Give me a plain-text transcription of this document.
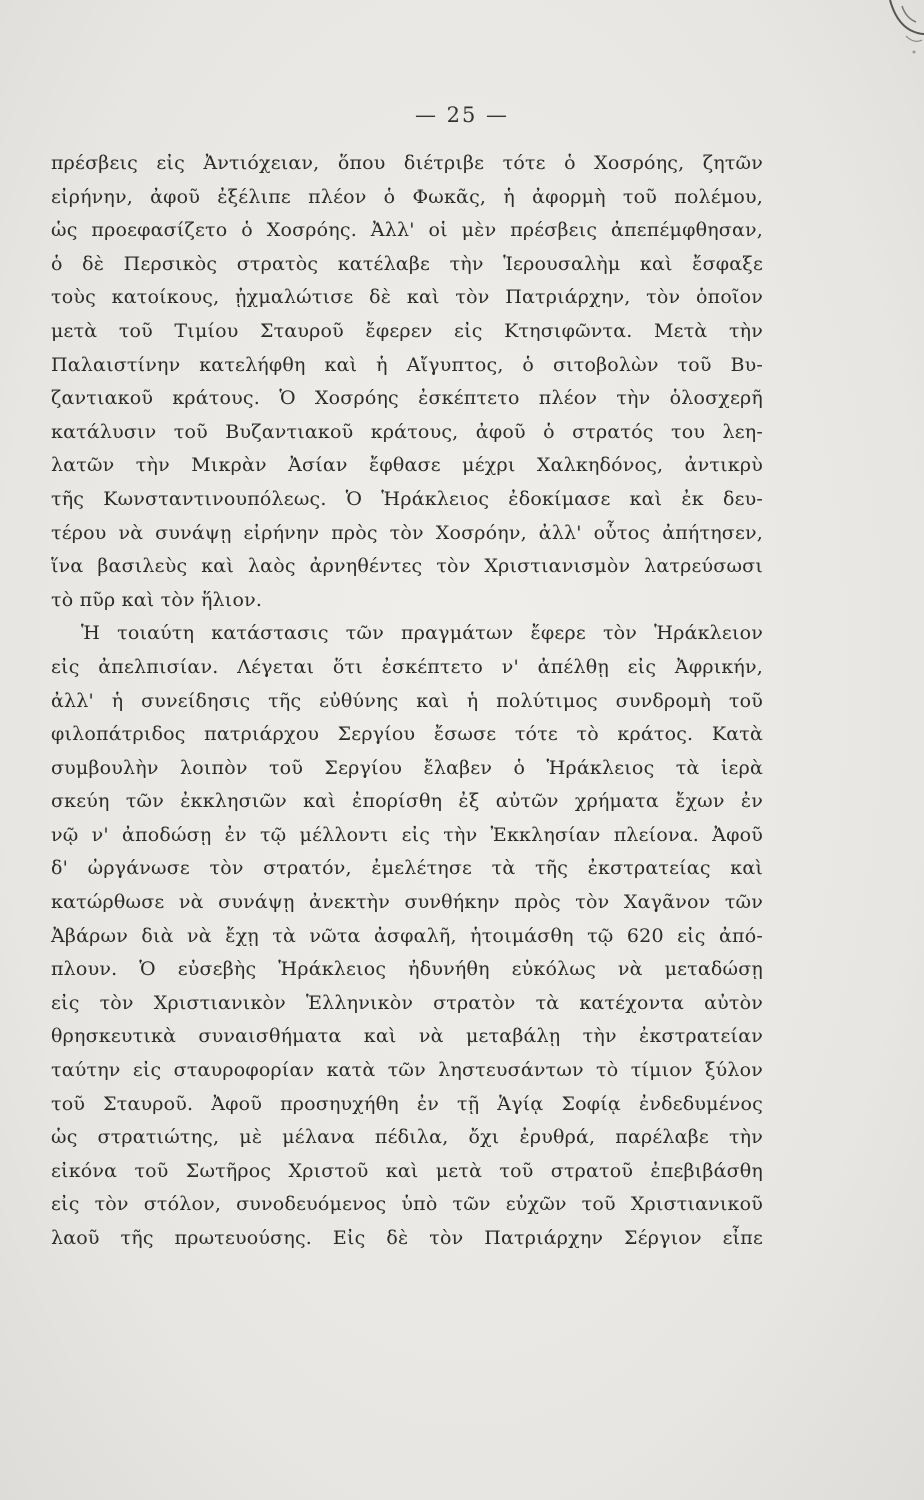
— 25 —
πρέσβεις εἰς Ἀντιόχειαν, ὅπου διέτριβε τότε ὁ Χοσρόης, ζητῶν
εἰρήνην, ἀφοῦ ἐξέλιπε πλέον ὁ Φωκᾶς, ἡ ἀφορμὴ τοῦ πολέμου,
ὡς προεφασίζετο ὁ Χοσρόης. Ἀλλ' οἱ μὲν πρέσβεις ἀπεπέμφθησαν,
ὁ δὲ Περσικὸς στρατὸς κατέλαβε τὴν Ἱερουσαλὴμ καὶ ἔσφαξε
τοὺς κατοίκους, ᾐχμαλώτισε δὲ καὶ τὸν Πατριάρχην, τὸν ὁποῖον
μετὰ τοῦ Τιμίου Σταυροῦ ἔφερεν εἰς Κτησιφῶντα. Μετὰ τὴν
Παλαιστίνην κατελήφθη καὶ ἡ Αἴγυπτος, ὁ σιτοβολὼν τοῦ Βυ-
ζαντιακοῦ κράτους. Ὁ Χοσρόης ἐσκέπτετο πλέον τὴν ὁλοσχερῆ
κατάλυσιν τοῦ Βυζαντιακοῦ κράτους, ἀφοῦ ὁ στρατός του λεη-
λατῶν τὴν Μικρὰν Ἀσίαν ἔφθασε μέχρι Χαλκηδόνος, ἀντικρὺ
τῆς Κωνσταντινουπόλεως. Ὁ Ἡράκλειος ἐδοκίμασε καὶ ἐκ δευ-
τέρου νὰ συνάψῃ εἰρήνην πρὸς τὸν Χοσρόην, ἀλλ' οὗτος ἀπήτησεν,
ἵνα βασιλεὺς καὶ λαὸς ἀρνηθέντες τὸν Χριστιανισμὸν λατρεύσωσι
τὸ πῦρ καὶ τὸν ἥλιον.
Ἡ τοιαύτη κατάστασις τῶν πραγμάτων ἔφερε τὸν Ἡράκλειον
εἰς ἀπελπισίαν. Λέγεται ὅτι ἐσκέπτετο ν' ἀπέλθῃ εἰς Ἀφρικήν,
ἀλλ' ἡ συνείδησις τῆς εὐθύνης καὶ ἡ πολύτιμος συνδρομὴ τοῦ
φιλοπάτριδος πατριάρχου Σεργίου ἔσωσε τότε τὸ κράτος. Κατὰ
συμβουλὴν λοιπὸν τοῦ Σεργίου ἔλαβεν ὁ Ἡράκλειος τὰ ἱερὰ
σκεύη τῶν ἐκκλησιῶν καὶ ἐπορίσθη ἐξ αὐτῶν χρήματα ἔχων ἐν
νῷ ν' ἀποδώσῃ ἐν τῷ μέλλοντι εἰς τὴν Ἐκκλησίαν πλείονα. Ἀφοῦ
δ' ὠργάνωσε τὸν στρατόν, ἐμελέτησε τὰ τῆς ἐκστρατείας καὶ
κατώρθωσε νὰ συνάψῃ ἀνεκτὴν συνθήκην πρὸς τὸν Χαγᾶνον τῶν
Ἀβάρων διὰ νὰ ἔχῃ τὰ νῶτα ἀσφαλῆ, ἡτοιμάσθη τῷ 620 εἰς ἀπό-
πλουν. Ὁ εὐσεβὴς Ἡράκλειος ἠδυνήθη εὐκόλως νὰ μεταδώσῃ
εἰς τὸν Χριστιανικὸν Ἑλληνικὸν στρατὸν τὰ κατέχοντα αὐτὸν
θρησκευτικὰ συναισθήματα καὶ νὰ μεταβάλῃ τὴν ἐκστρατείαν
ταύτην εἰς σταυροφορίαν κατὰ τῶν ληστευσάντων τὸ τίμιον ξύλον
τοῦ Σταυροῦ. Ἀφοῦ προσηυχήθη ἐν τῇ Ἁγίᾳ Σοφίᾳ ἐνδεδυμένος
ὡς στρατιώτης, μὲ μέλανα πέδιλα, ὄχι ἐρυθρά, παρέλαβε τὴν
εἰκόνα τοῦ Σωτῆρος Χριστοῦ καὶ μετὰ τοῦ στρατοῦ ἐπεβιβάσθη
εἰς τὸν στόλον, συνοδευόμενος ὑπὸ τῶν εὐχῶν τοῦ Χριστιανικοῦ
λαοῦ τῆς πρωτευούσης. Εἰς δὲ τὸν Πατριάρχην Σέργιον εἶπε
